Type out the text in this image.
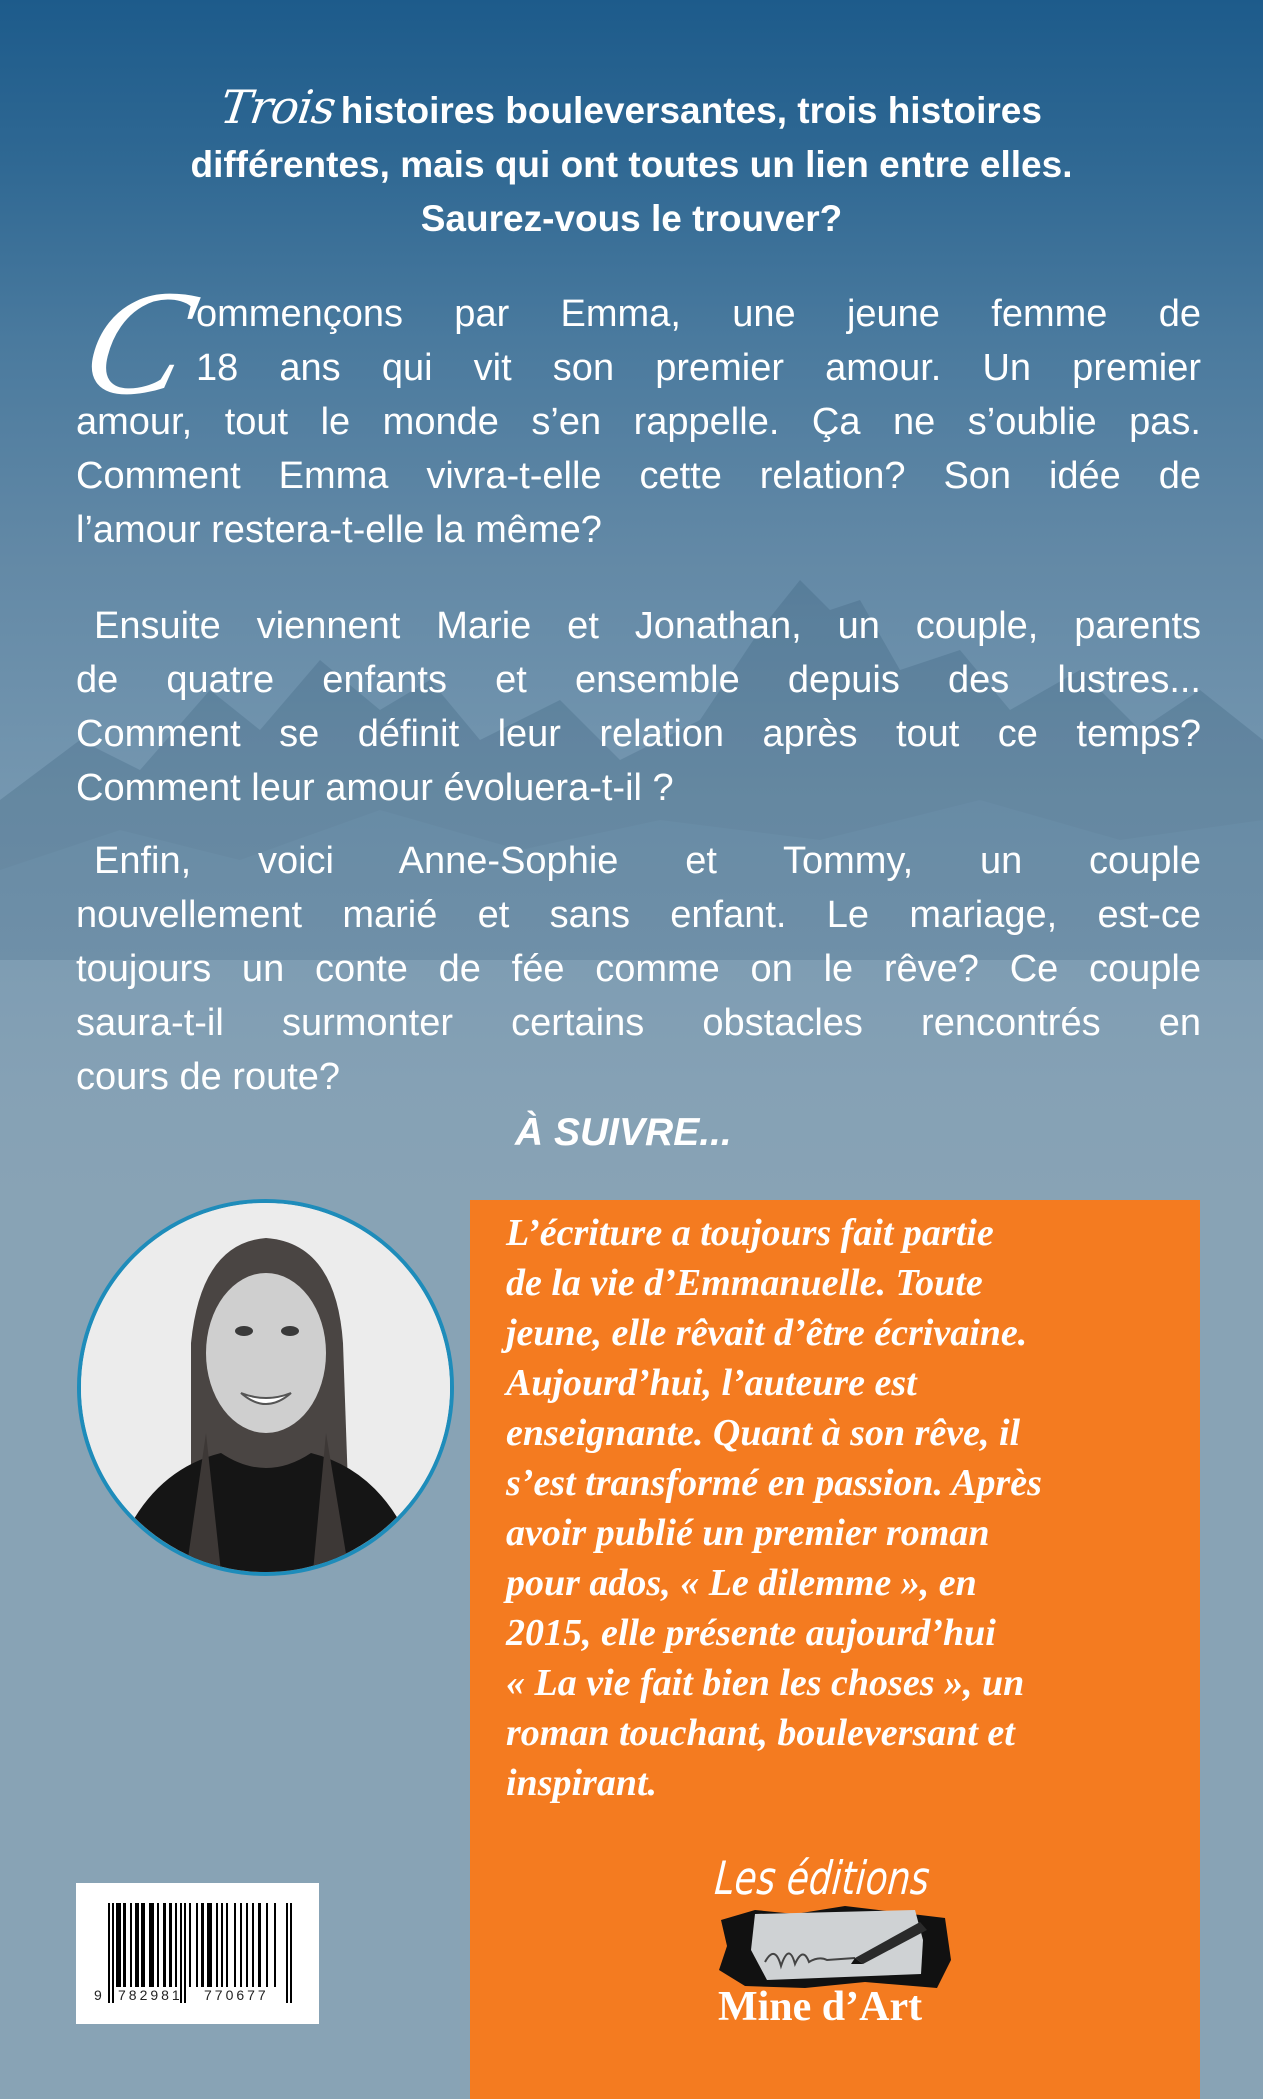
Troishistoires bouleversantes, trois histoires
différentes, mais qui ont toutes un lien entre elles.
Saurez-vous le trouver?
C
ommençons par Emma, une jeune femme de
18 ans qui vit son premier amour. Un premier
amour, tout le monde s’en rappelle. Ça ne s’oublie pas.
Comment Emma vivra-t-elle cette relation? Son idée de
l’amour restera-t-elle la même?
Ensuite viennent Marie et Jonathan, un couple, parents
de quatre enfants et ensemble depuis des lustres...
Comment se définit leur relation après tout ce temps?
Comment leur amour évoluera-t-il ?
Enfin, voici Anne-Sophie et Tommy, un couple
nouvellement marié et sans enfant. Le mariage, est-ce
toujours un conte de fée comme on le rêve? Ce couple
saura-t-il surmonter certains obstacles rencontrés en
cours de route?
À SUIVRE...
L’écriture a toujours fait partie
de la vie d’Emmanuelle. Toute
jeune, elle rêvait d’être écrivaine.
Aujourd’hui, l’auteure est
enseignante. Quant à son rêve, il
s’est transformé en passion. Après
avoir publié un premier roman
pour ados, « Le dilemme », en
2015, elle présente aujourd’hui
« La vie fait bien les choses », un
roman touchant, bouleversant et
inspirant.
Les éditions
Mine d’Art
9 782981 770677
